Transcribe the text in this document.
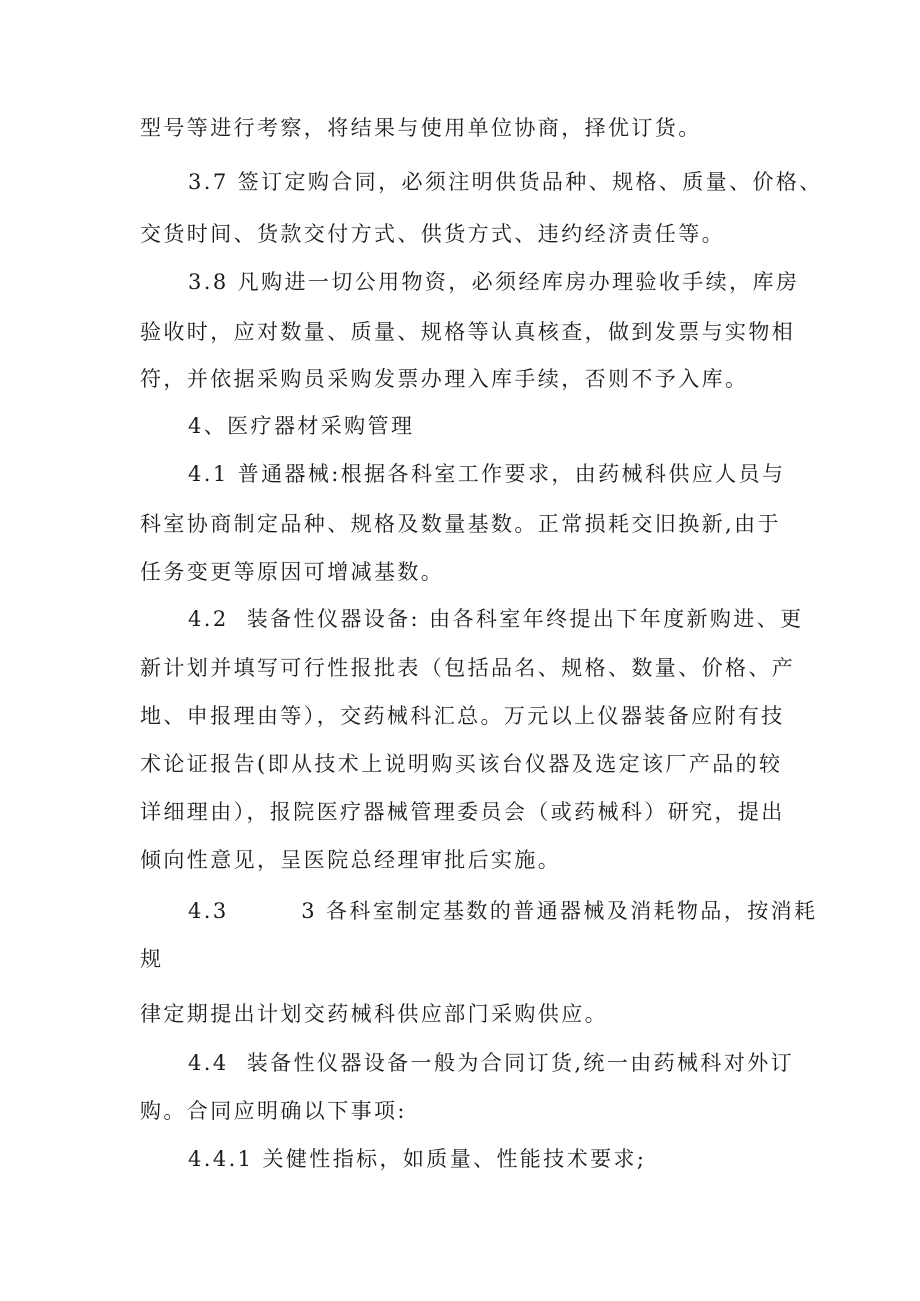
型号等进行考察，将结果与使用单位协商，择优订货。
3.7 签订定购合同，必须注明供货品种、规格、质量、价格、
交货时间、货款交付方式、供货方式、违约经济责任等。
3.8 凡购进一切公用物资，必须经库房办理验收手续，库房
验收时，应对数量、质量、规格等认真核查，做到发票与实物相
符，并依据采购员采购发票办理入库手续，否则不予入库。
4、医疗器材采购管理
4.1 普通器械:根据各科室工作要求，由药械科供应人员与
科室协商制定品种、规格及数量基数。正常损耗交旧换新,由于
任务变更等原因可增减基数。
4.2  装备性仪器设备: 由各科室年终提出下年度新购进、更
新计划并填写可行性报批表（包括品名、规格、数量、价格、产
地、申报理由等），交药械科汇总。万元以上仪器装备应附有技
术论证报告(即从技术上说明购买该台仪器及选定该厂产品的较
详细理由），报院医疗器械管理委员会（或药械科）研究，提出
倾向性意见，呈医院总经理审批后实施。
4.3        3 各科室制定基数的普通器械及消耗物品，按消耗
规
律定期提出计划交药械科供应部门采购供应。
4.4  装备性仪器设备一般为合同订货,统一由药械科对外订
购。合同应明确以下事项:
4.4.1 关健性指标，如质量、性能技术要求;
